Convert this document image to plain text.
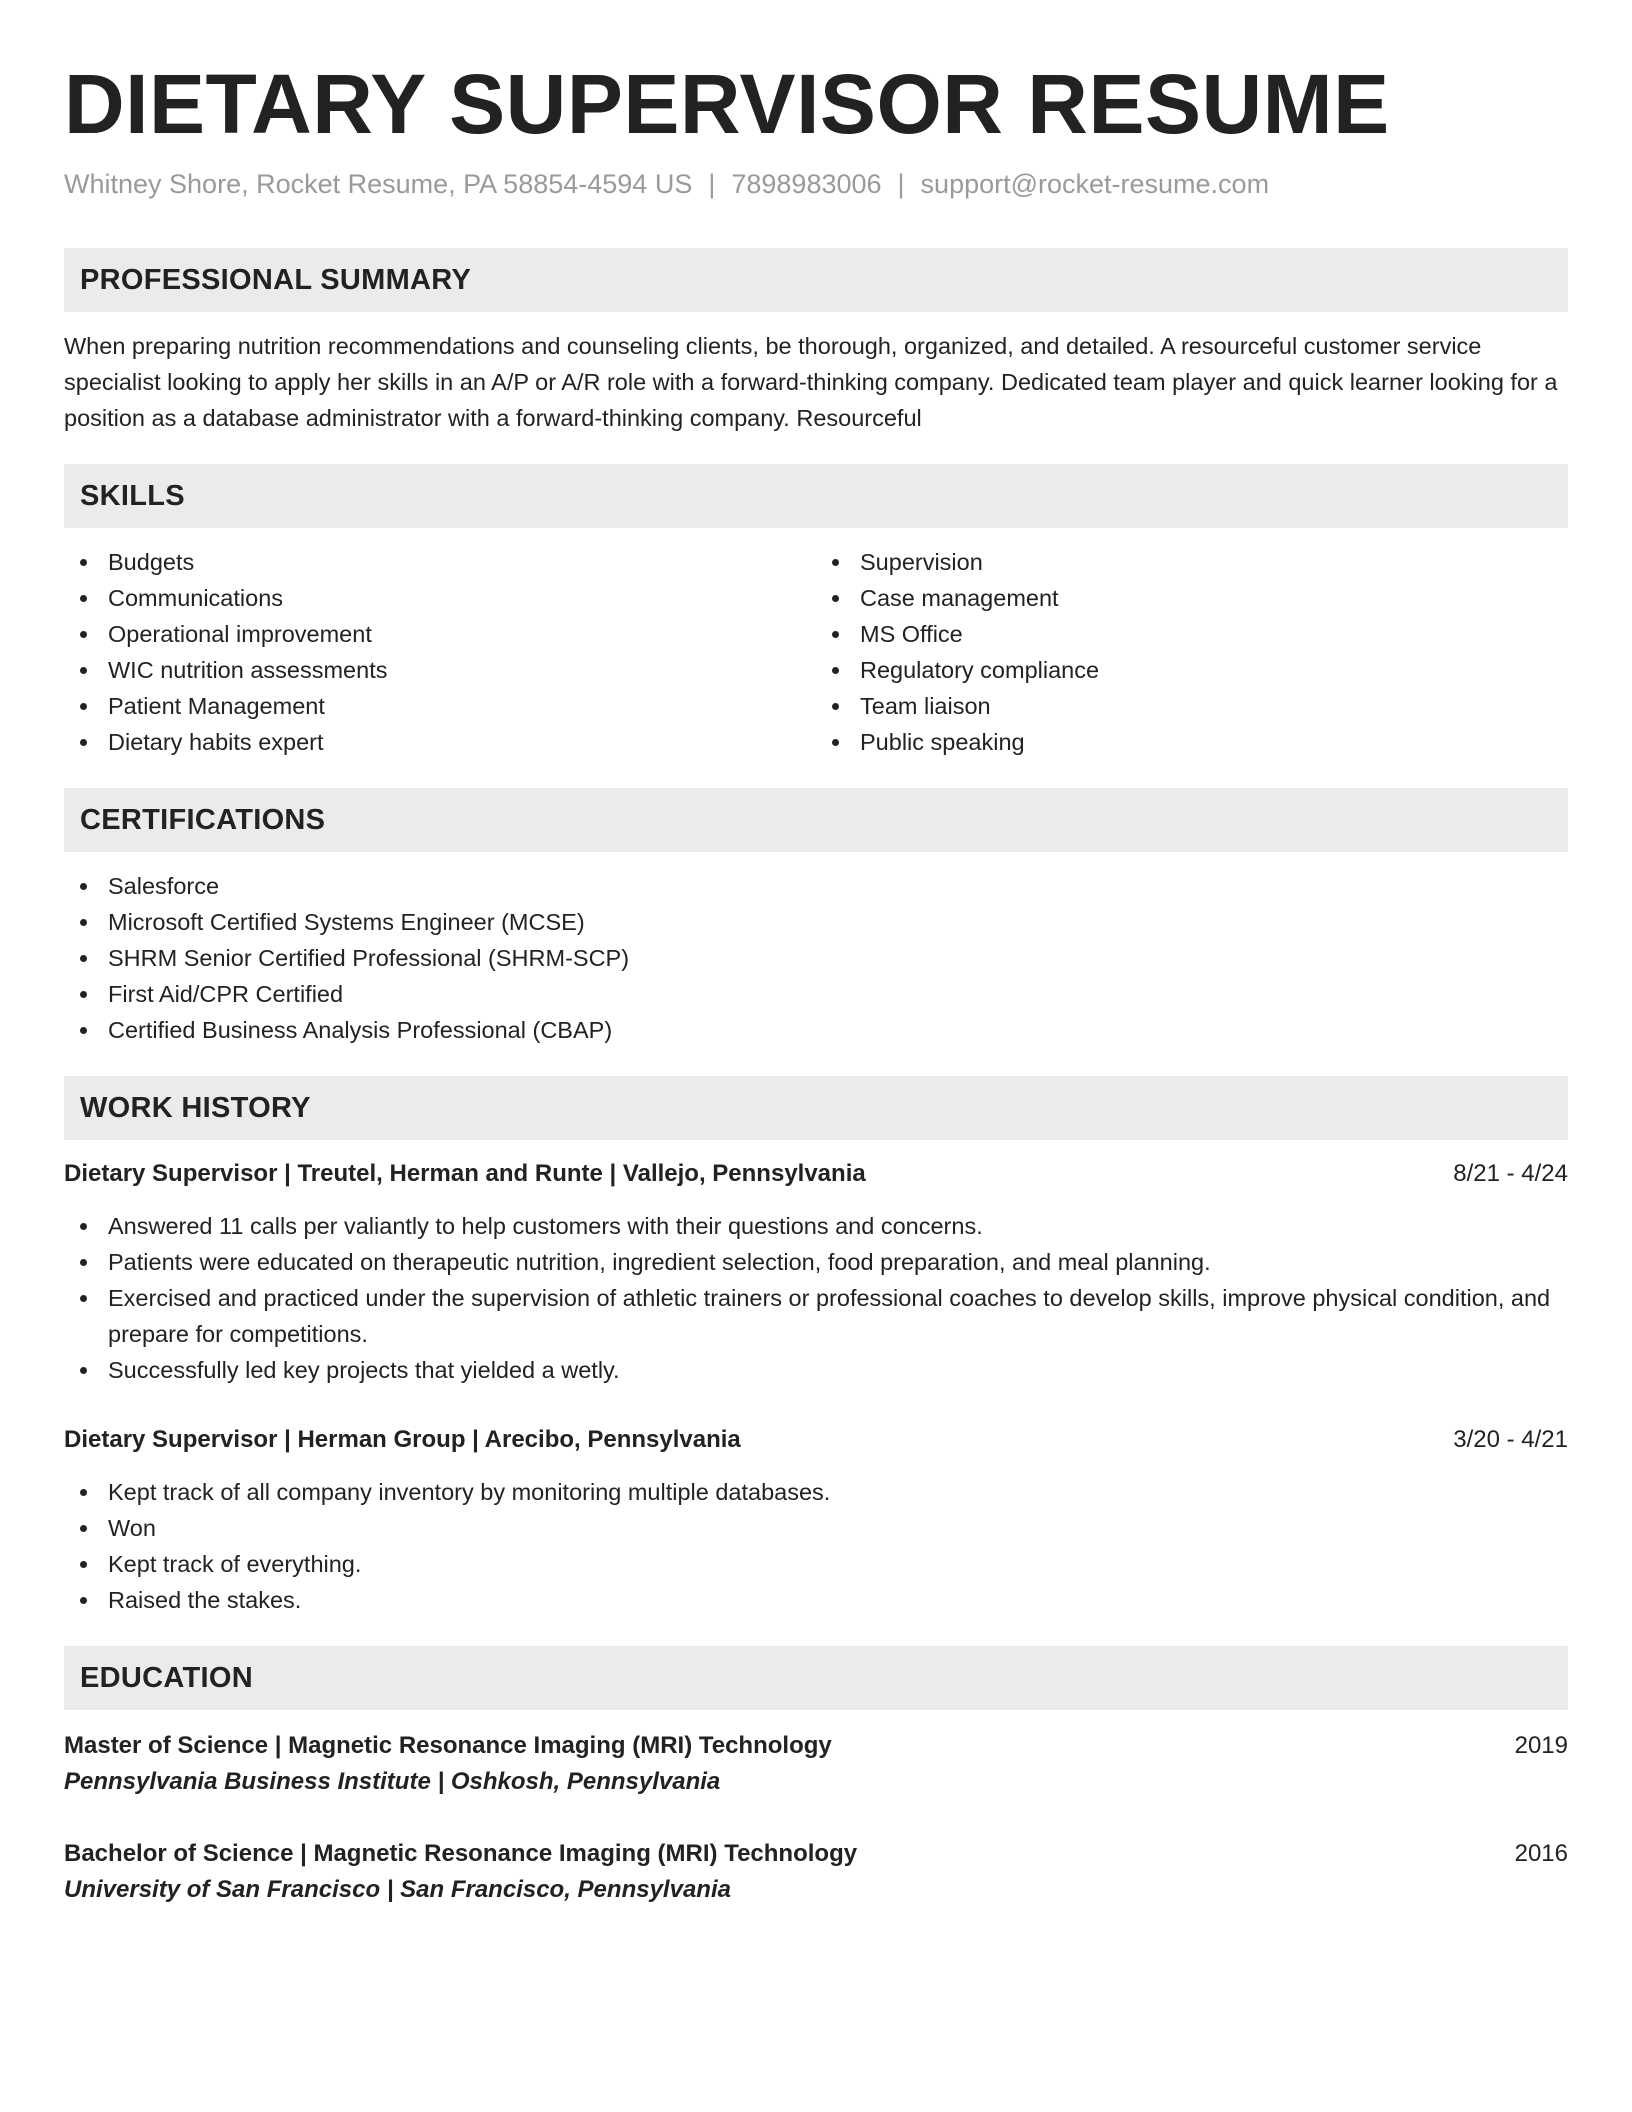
DIETARY SUPERVISOR RESUME
Whitney Shore, Rocket Resume, PA 58854-4594 US | 7898983006 | support@rocket-resume.com
PROFESSIONAL SUMMARY

When preparing nutrition recommendations and counseling clients, be thorough, organized, and detailed. A resourceful customer service specialist looking to apply her skills in an A/P or A/R role with a forward-thinking company. Dedicated team player and quick learner looking for a position as a database administrator with a forward-thinking company. Resourceful

SKILLS
Budgets
Communications
Operational improvement
WIC nutrition assessments
Patient Management
Dietary habits expert
Supervision
Case management
MS Office
Regulatory compliance
Team liaison
Public speaking
CERTIFICATIONS
Salesforce
Microsoft Certified Systems Engineer (MCSE)
SHRM Senior Certified Professional (SHRM-SCP)
First Aid/CPR Certified
Certified Business Analysis Professional (CBAP)
WORK HISTORY
Dietary Supervisor | Treutel, Herman and Runte | Vallejo, Pennsylvania	8/21 - 4/24
Answered 11 calls per valiantly to help customers with their questions and concerns.
Patients were educated on therapeutic nutrition, ingredient selection, food preparation, and meal planning.
Exercised and practiced under the supervision of athletic trainers or professional coaches to develop skills, improve physical condition, and prepare for competitions.
Successfully led key projects that yielded a wetly.
Dietary Supervisor | Herman Group | Arecibo, Pennsylvania	3/20 - 4/21
Kept track of all company inventory by monitoring multiple databases.
Won
Kept track of everything.
Raised the stakes.
EDUCATION
Master of Science | Magnetic Resonance Imaging (MRI) Technology	2019
Pennsylvania Business Institute | Oshkosh, Pennsylvania
Bachelor of Science | Magnetic Resonance Imaging (MRI) Technology	2016
University of San Francisco | San Francisco, Pennsylvania
